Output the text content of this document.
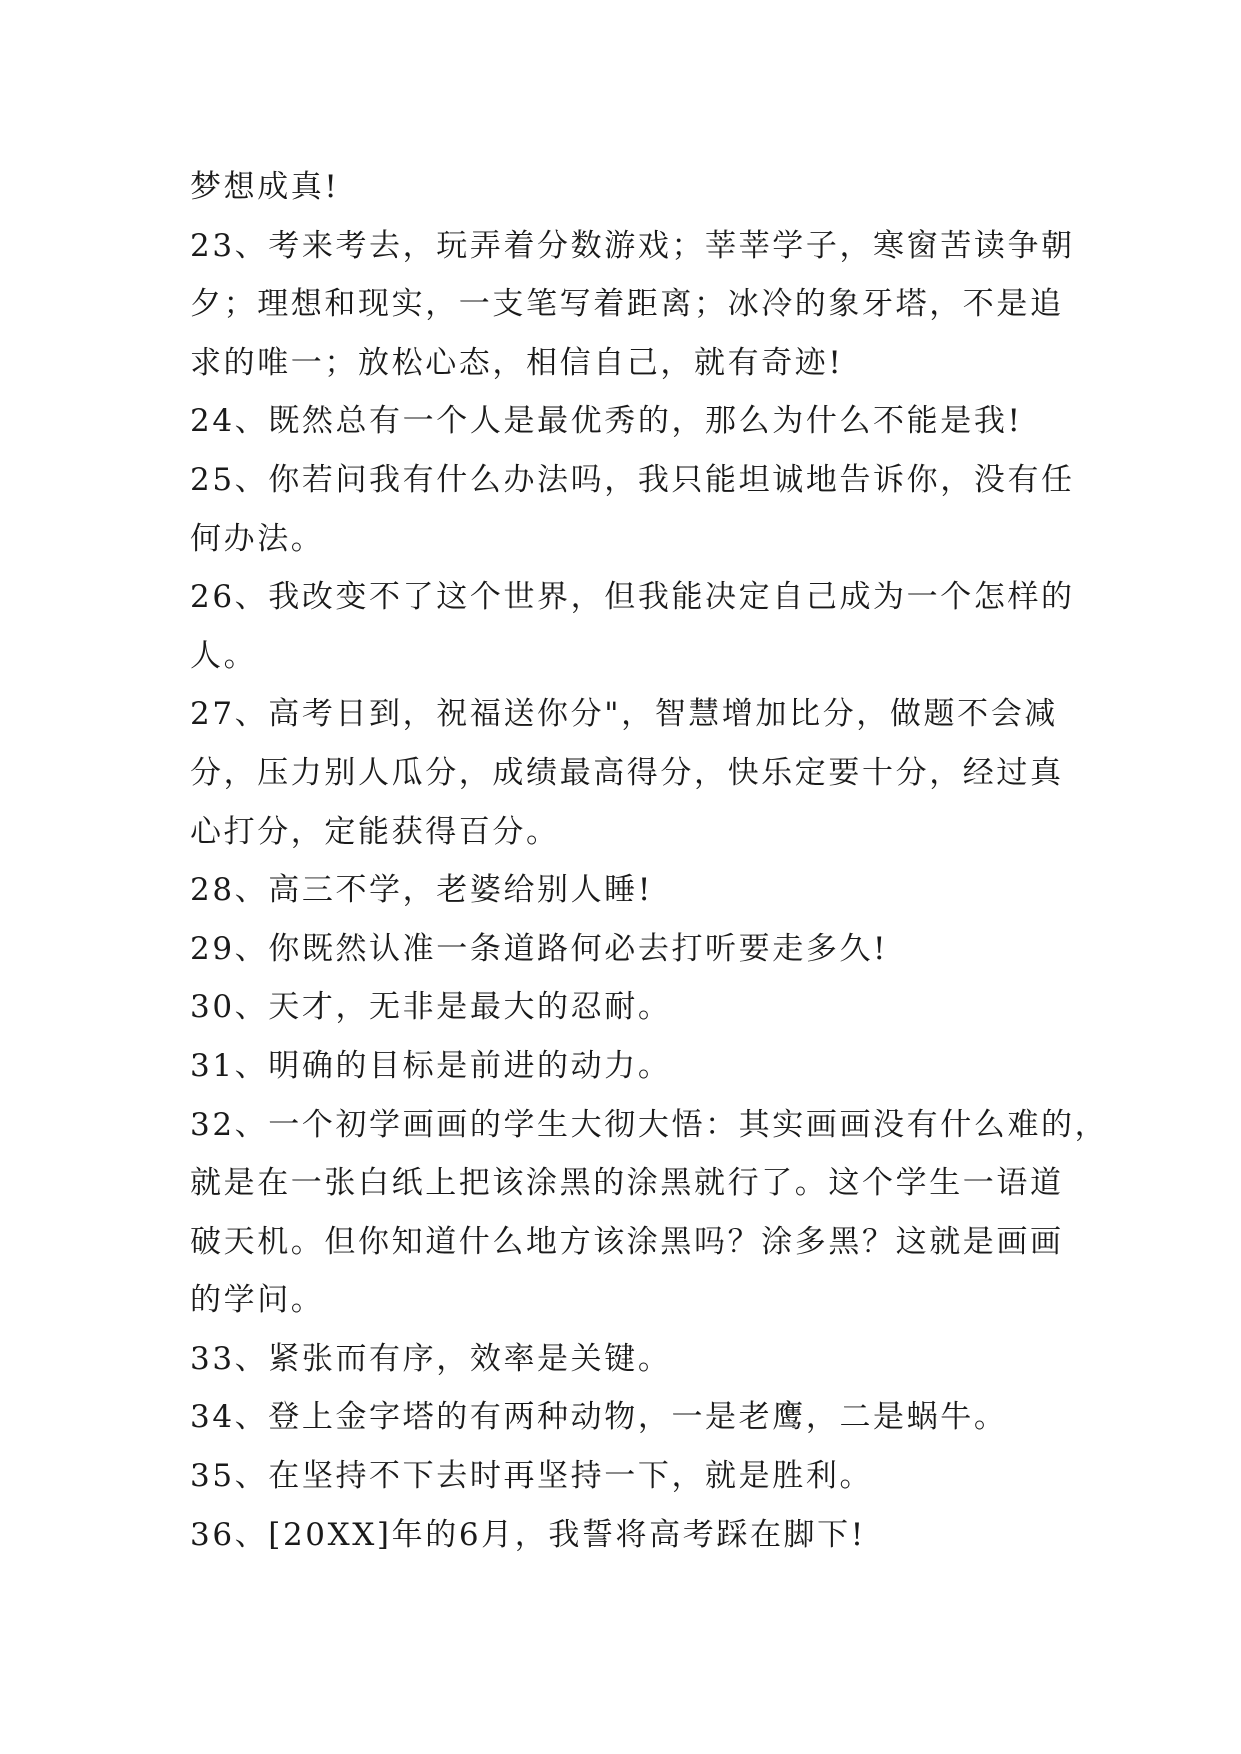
梦想成真!
23、考来考去，玩弄着分数游戏；莘莘学子，寒窗苦读争朝
夕；理想和现实，一支笔写着距离；冰冷的象牙塔，不是追
求的唯一；放松心态，相信自己，就有奇迹!
24、既然总有一个人是最优秀的，那么为什么不能是我!
25、你若问我有什么办法吗，我只能坦诚地告诉你，没有任
何办法。
26、我改变不了这个世界，但我能决定自己成为一个怎样的
人。
27、高考日到，祝福送你分"，智慧增加比分，做题不会减
分，压力别人瓜分，成绩最高得分，快乐定要十分，经过真
心打分，定能获得百分。
28、高三不学，老婆给别人睡!
29、你既然认准一条道路何必去打听要走多久!
30、天才，无非是最大的忍耐。
31、明确的目标是前进的动力。
32、一个初学画画的学生大彻大悟：其实画画没有什么难的，
就是在一张白纸上把该涂黑的涂黑就行了。这个学生一语道
破天机。但你知道什么地方该涂黑吗？涂多黑？这就是画画
的学问。
33、紧张而有序，效率是关键。
34、登上金字塔的有两种动物，一是老鹰，二是蜗牛。
35、在坚持不下去时再坚持一下，就是胜利。
36、[20XX]年的6月，我誓将高考踩在脚下!
